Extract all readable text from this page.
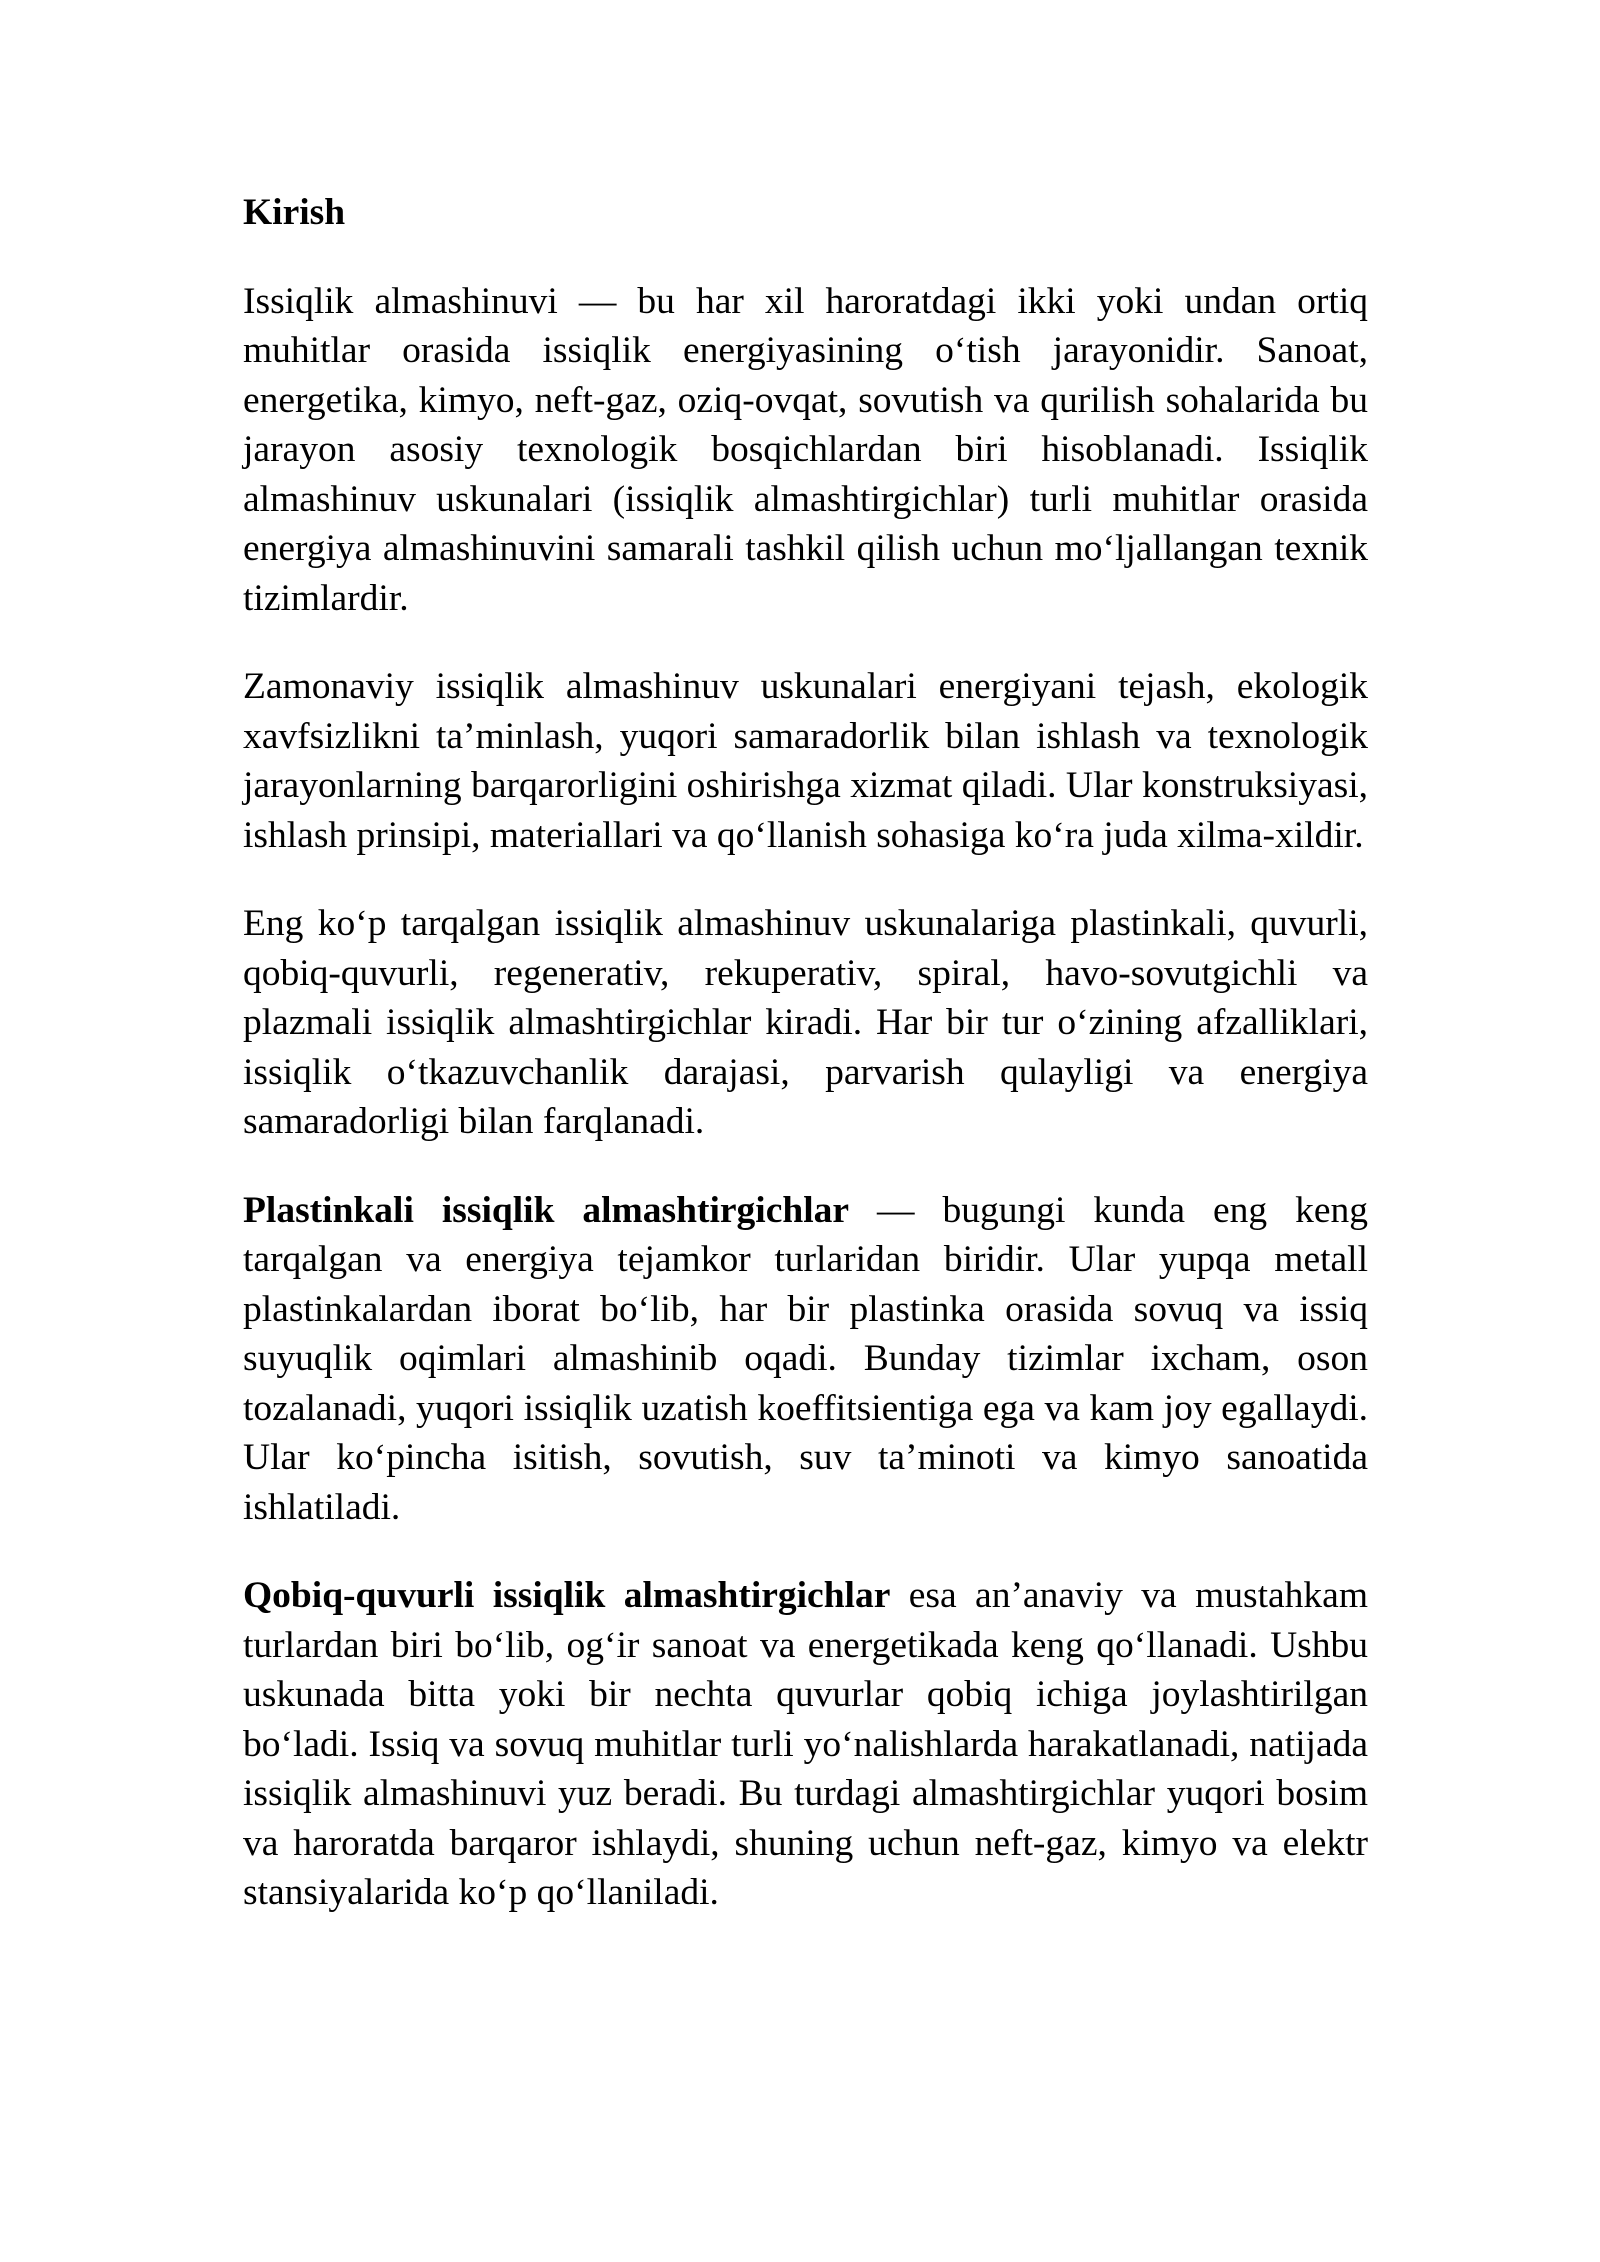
Kirish

Issiqlik almashinuvi — bu har xil haroratdagi ikki yoki undan ortiq muhitlar orasida issiqlik energiyasining o‘tish jarayonidir. Sanoat, energetika, kimyo, neft-gaz, oziq-ovqat, sovutish va qurilish sohalarida bu jarayon asosiy texnologik bosqichlardan biri hisoblanadi. Issiqlik almashinuv uskunalari (issiqlik almashtirgichlar) turli muhitlar orasida energiya almashinuvini samarali tashkil qilish uchun mo‘ljallangan texnik tizimlardir.

Zamonaviy issiqlik almashinuv uskunalari energiyani tejash, ekologik xavfsizlikni ta’minlash, yuqori samaradorlik bilan ishlash va texnologik jarayonlarning barqarorligini oshirishga xizmat qiladi. Ular konstruksiyasi, ishlash prinsipi, materiallari va qo‘llanish sohasiga ko‘ra juda xilma-xildir.

Eng ko‘p tarqalgan issiqlik almashinuv uskunalariga plastinkali, quvurli, qobiq-quvurli, regenerativ, rekuperativ, spiral, havo-sovutgichli va plazmali issiqlik almashtirgichlar kiradi. Har bir tur o‘zining afzalliklari, issiqlik o‘tkazuvchanlik darajasi, parvarish qulayligi va energiya samaradorligi bilan farqlanadi.

Plastinkali issiqlik almashtirgichlar — bugungi kunda eng keng tarqalgan va energiya tejamkor turlaridan biridir. Ular yupqa metall plastinkalardan iborat bo‘lib, har bir plastinka orasida sovuq va issiq suyuqlik oqimlari almashinib oqadi. Bunday tizimlar ixcham, oson tozalanadi, yuqori issiqlik uzatish koeffitsientiga ega va kam joy egallaydi. Ular ko‘pincha isitish, sovutish, suv ta’minoti va kimyo sanoatida ishlatiladi.

Qobiq-quvurli issiqlik almashtirgichlar esa an’anaviy va mustahkam turlardan biri bo‘lib, og‘ir sanoat va energetikada keng qo‘llanadi. Ushbu uskunada bitta yoki bir nechta quvurlar qobiq ichiga joylashtirilgan bo‘ladi. Issiq va sovuq muhitlar turli yo‘nalishlarda harakatlanadi, natijada issiqlik almashinuvi yuz beradi. Bu turdagi almashtirgichlar yuqori bosim va haroratda barqaror ishlaydi, shuning uchun neft-gaz, kimyo va elektr stansiyalarida ko‘p qo‘llaniladi.
